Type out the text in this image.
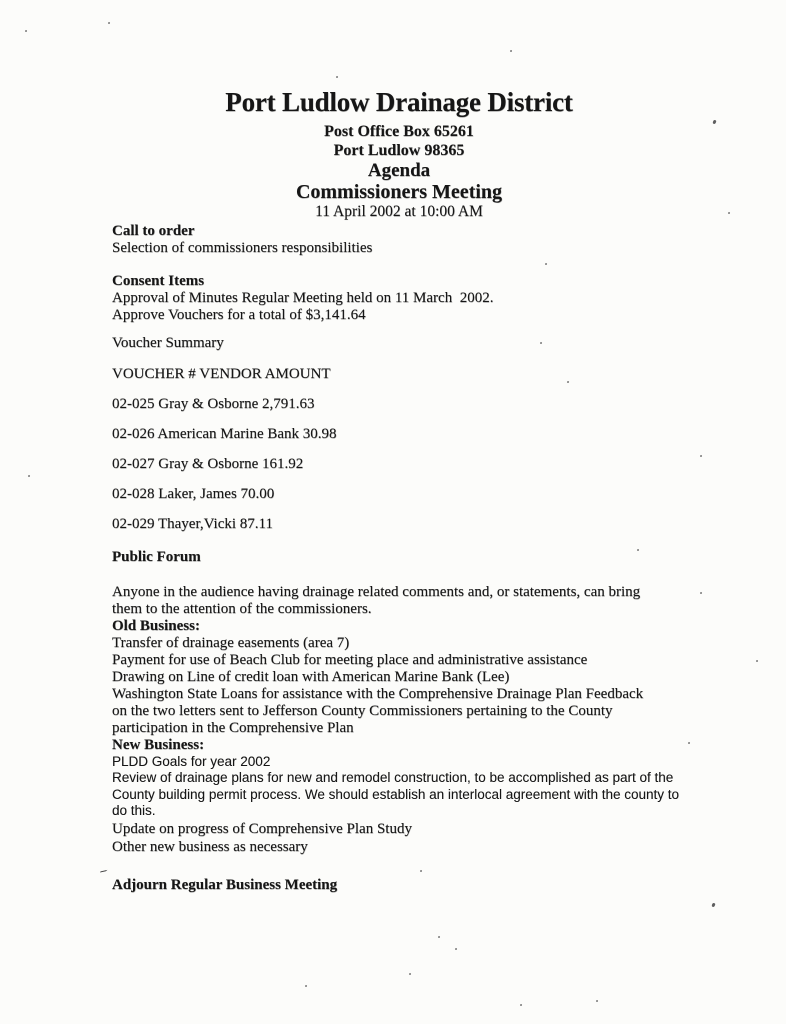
Port Ludlow Drainage District
Post Office Box 65261
Port Ludlow 98365
Agenda
Commissioners Meeting
11 April 2002 at 10:00 AM
Call to order
Selection of commissioners responsibilities
Consent Items
Approval of Minutes Regular Meeting held on 11 March  2002.
Approve Vouchers for a total of $3,141.64
Voucher Summary
VOUCHER # VENDOR AMOUNT
02-025 Gray & Osborne 2,791.63
02-026 American Marine Bank 30.98
02-027 Gray & Osborne 161.92
02-028 Laker, James 70.00
02-029 Thayer,Vicki 87.11
Public Forum
Anyone in the audience having drainage related comments and, or statements, can bring
them to the attention of the commissioners.
Old Business:
Transfer of drainage easements (area 7)
Payment for use of Beach Club for meeting place and administrative assistance
Drawing on Line of credit loan with American Marine Bank (Lee)
Washington State Loans for assistance with the Comprehensive Drainage Plan Feedback
on the two letters sent to Jefferson County Commissioners pertaining to the County
participation in the Comprehensive Plan
New Business:
PLDD Goals for year 2002
Review of drainage plans for new and remodel construction, to be accomplished as part of the
County building permit process. We should establish an interlocal agreement with the county to
do this.
Update on progress of Comprehensive Plan Study
Other new business as necessary
Adjourn Regular Business Meeting
